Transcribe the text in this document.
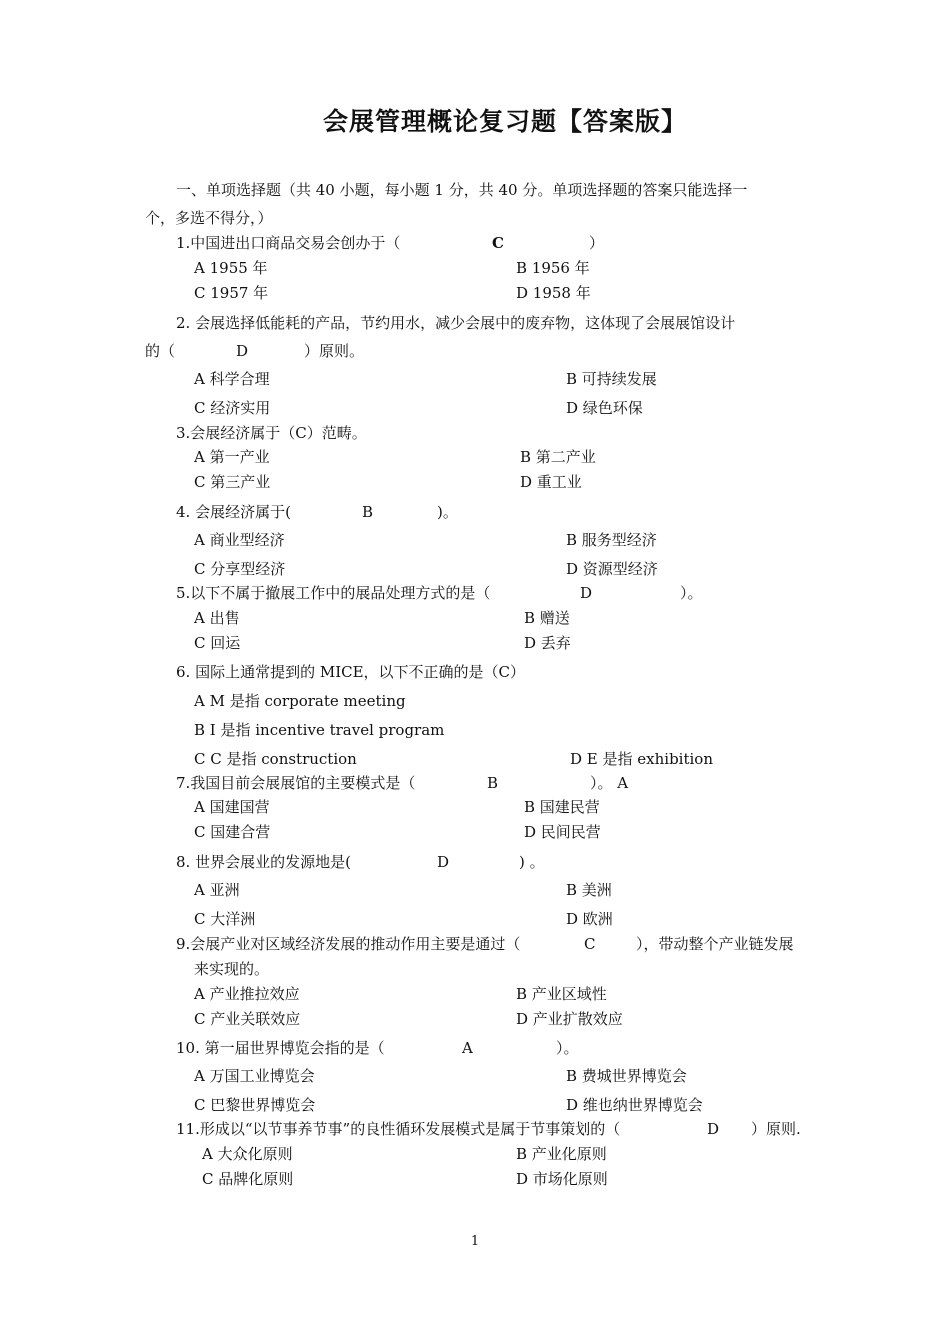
会展管理概论复习题【答案版】
一、单项选择题（共 40 小题，每小题 1 分，共 40 分。单项选择题的答案只能选择一
个，多选不得分，）
1.中国进出口商品交易会创办于（	C	）
A 1955 年	B 1956 年
C 1957 年	D 1958 年
2. 会展选择低能耗的产品，节约用水，减少会展中的废弃物，这体现了会展展馆设计
的（	D	）原则。
A 科学合理	B 可持续发展
C 经济实用	D 绿色环保
3.会展经济属于（C）范畴。
A 第一产业	B 第二产业
C 第三产业	D 重工业
4. 会展经济属于(	B	)。
A 商业型经济	B 服务型经济
C 分享型经济	D 资源型经济
5.以下不属于撤展工作中的展品处理方式的是（	D	）。
A 出售	B 赠送
C 回运	D 丢弃
6. 国际上通常提到的 MICE，以下不正确的是（C）
A M 是指 corporate meeting
B I 是指 incentive travel program
C C 是指 construction	D E 是指 exhibition
7.我国目前会展展馆的主要模式是（	B	）。 A
A 国建国营	B 国建民营
C 国建合营	D 民间民营
8. 世界会展业的发源地是(	D	) 。
A 亚洲	B 美洲
C 大洋洲	D 欧洲
9.会展产业对区域经济发展的推动作用主要是通过（	C	），带动整个产业链发展
来实现的。
A 产业推拉效应	B 产业区域性
C 产业关联效应	D 产业扩散效应
10. 第一届世界博览会指的是（	A	）。
A 万国工业博览会	B 费城世界博览会
C 巴黎世界博览会	D 维也纳世界博览会
11.形成以“以节事养节事”的良性循环发展模式是属于节事策划的（	D ）原则.
A 大众化原则	B 产业化原则
C 品牌化原则	D 市场化原则
1
